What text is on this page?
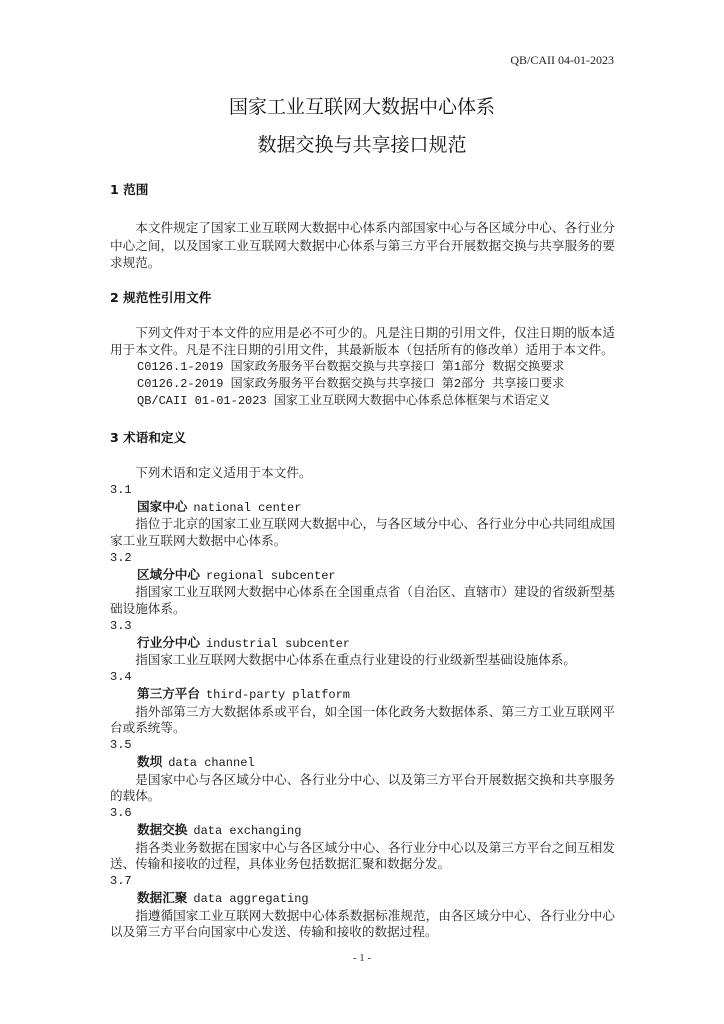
QB/CAII 04-01-2023
国家工业互联网大数据中心体系
数据交换与共享接口规范
1 范围

本文件规定了国家工业互联网大数据中心体系内部国家中心与各区域分中心、各行业分中心之间，以及国家工业互联网大数据中心体系与第三方平台开展数据交换与共享服务的要求规范。

2 规范性引用文件

下列文件对于本文件的应用是必不可少的。凡是注日期的引用文件，仅注日期的版本适用于本文件。凡是不注日期的引用文件，其最新版本（包括所有的修改单）适用于本文件。

C0126.1-2019 国家政务服务平台数据交换与共享接口 第1部分 数据交换要求
C0126.2-2019 国家政务服务平台数据交换与共享接口 第2部分 共享接口要求
QB/CAII 01-01-2023 国家工业互联网大数据中心体系总体框架与术语定义
3 术语和定义

下列术语和定义适用于本文件。

3.1
国家中心 national center

指位于北京的国家工业互联网大数据中心，与各区域分中心、各行业分中心共同组成国家工业互联网大数据中心体系。

3.2
区域分中心 regional subcenter

指国家工业互联网大数据中心体系在全国重点省（自治区、直辖市）建设的省级新型基础设施体系。

3.3
行业分中心 industrial subcenter

指国家工业互联网大数据中心体系在重点行业建设的行业级新型基础设施体系。

3.4
第三方平台 third-party platform

指外部第三方大数据体系或平台，如全国一体化政务大数据体系、第三方工业互联网平台或系统等。

3.5
数坝 data channel

是国家中心与各区域分中心、各行业分中心、以及第三方平台开展数据交换和共享服务的载体。

3.6
数据交换 data exchanging

指各类业务数据在国家中心与各区域分中心、各行业分中心以及第三方平台之间互相发送、传输和接收的过程，具体业务包括数据汇聚和数据分发。

3.7
数据汇聚 data aggregating

指遵循国家工业互联网大数据中心体系数据标准规范，由各区域分中心、各行业分中心以及第三方平台向国家中心发送、传输和接收的数据过程。

- 1 -
